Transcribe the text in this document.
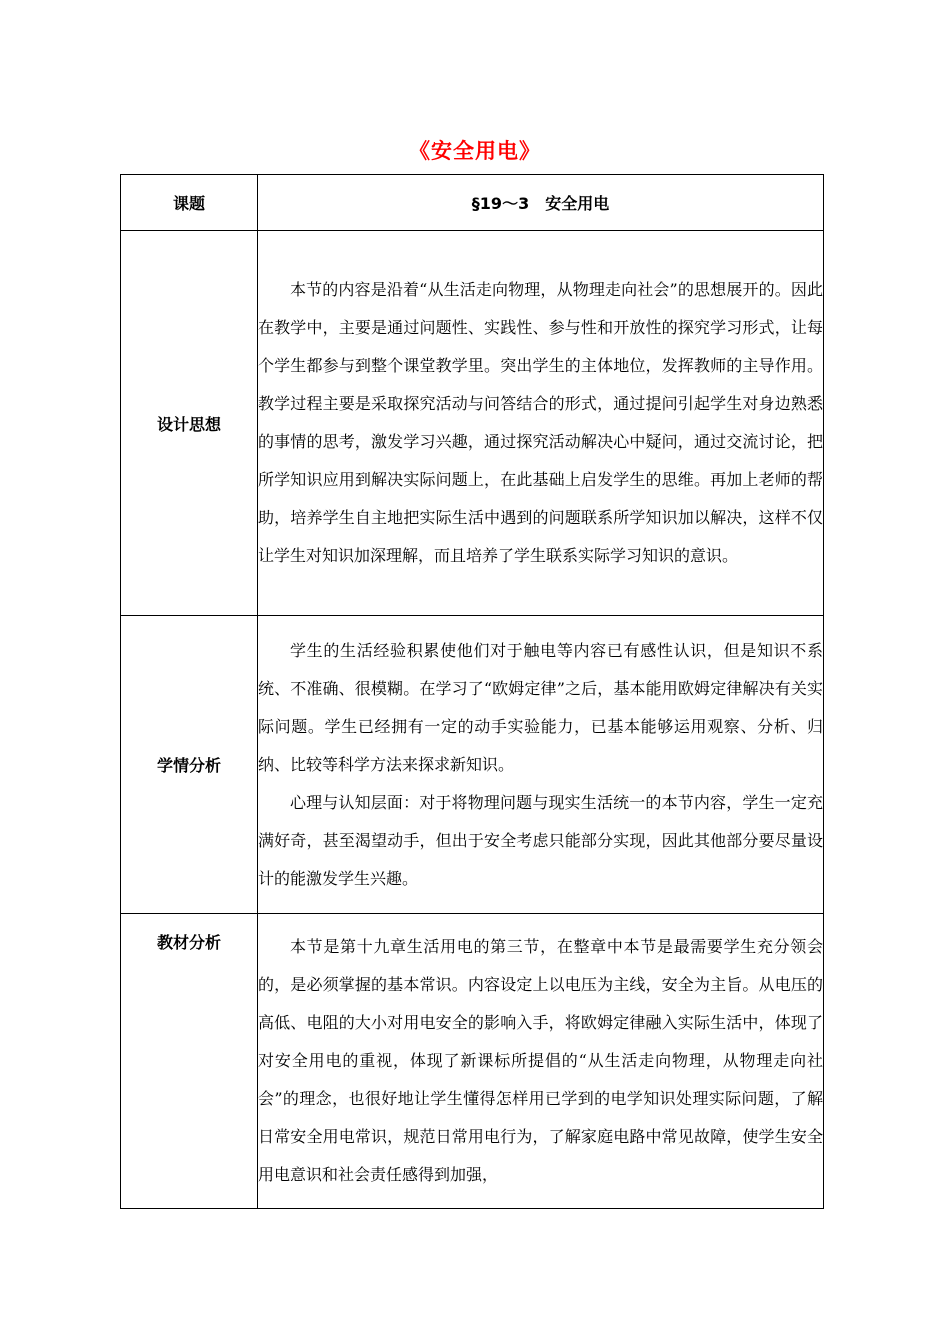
《安全用电》
课题	§19～3　安全用电
设计思想	本节的内容是沿着“从生活走向物理，从物理走向社会”的思想展开的。因此在教学中，主要是通过问题性、实践性、参与性和开放性的探究学习形式，让每个学生都参与到整个课堂教学里。突出学生的主体地位，发挥教师的主导作用。教学过程主要是采取探究活动与问答结合的形式，通过提问引起学生对身边熟悉的事情的思考，激发学习兴趣，通过探究活动解决心中疑问，通过交流讨论，把所学知识应用到解决实际问题上，在此基础上启发学生的思维。再加上老师的帮助，培养学生自主地把实际生活中遇到的问题联系所学知识加以解决，这样不仅让学生对知识加深理解，而且培养了学生联系实际学习知识的意识。

学情分析	学生的生活经验积累使他们对于触电等内容已有感性认识，但是知识不系统、不准确、很模糊。在学习了“欧姆定律”之后，基本能用欧姆定律解决有关实际问题。学生已经拥有一定的动手实验能力，已基本能够运用观察、分析、归纳、比较等科学方法来探求新知识。

心理与认知层面：对于将物理问题与现实生活统一的本节内容，学生一定充满好奇，甚至渴望动手，但出于安全考虑只能部分实现，因此其他部分要尽量设计的能激发学生兴趣。

教材分析	本节是第十九章生活用电的第三节，在整章中本节是最需要学生充分领会的，是必须掌握的基本常识。内容设定上以电压为主线，安全为主旨。从电压的高低、电阻的大小对用电安全的影响入手，将欧姆定律融入实际生活中，体现了对安全用电的重视，体现了新课标所提倡的“从生活走向物理，从物理走向社会”的理念，也很好地让学生懂得怎样用已学到的电学知识处理实际问题，了解日常安全用电常识，规范日常用电行为，了解家庭电路中常见故障，使学生安全用电意识和社会责任感得到加强，
